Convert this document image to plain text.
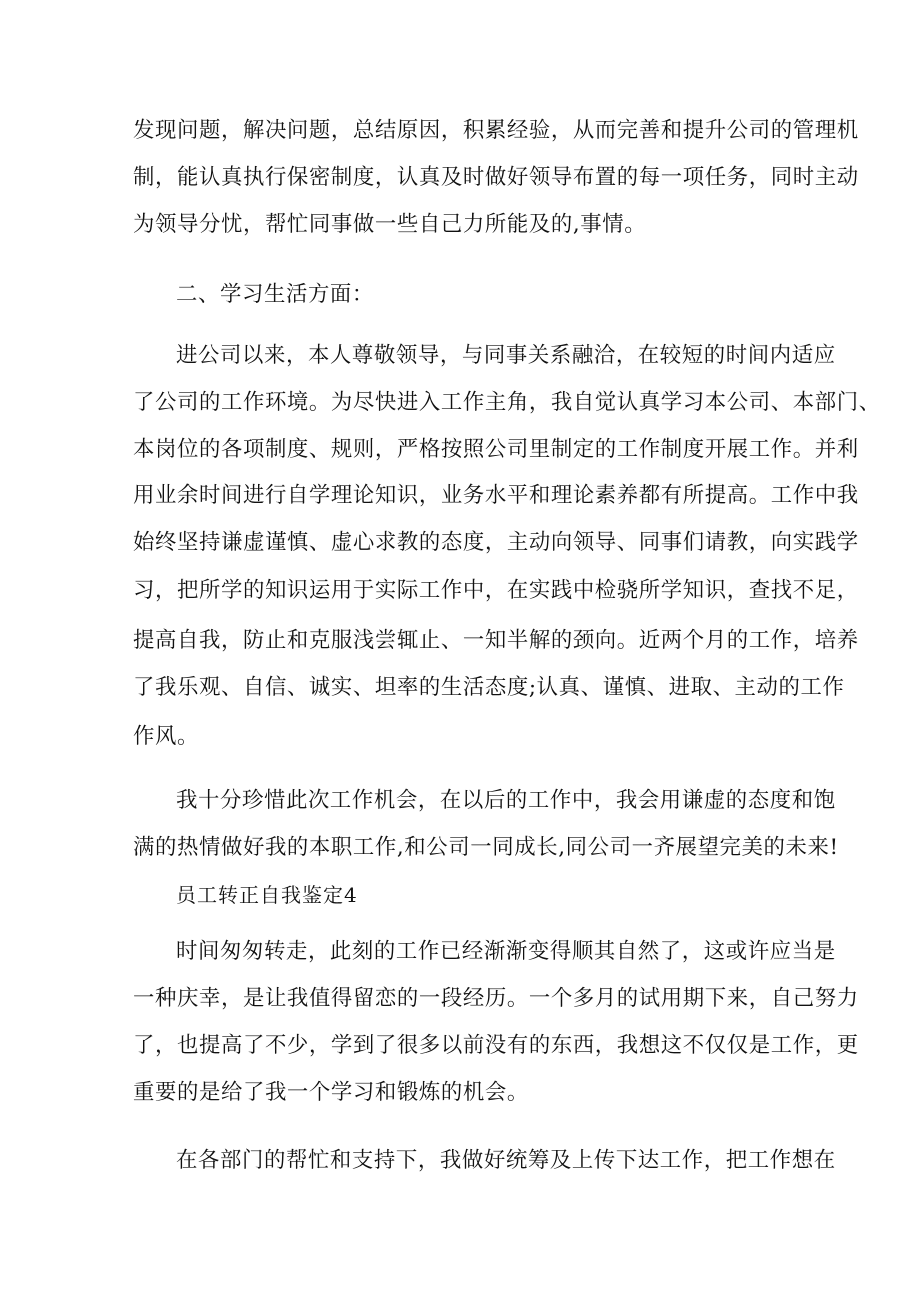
发现问题，解决问题，总结原因，积累经验，从而完善和提升公司的管理机

制，能认真执行保密制度，认真及时做好领导布置的每一项任务，同时主动

为领导分忧，帮忙同事做一些自己力所能及的,事情。

二、学习生活方面：

进公司以来，本人尊敬领导，与同事关系融洽，在较短的时间内适应

了公司的工作环境。为尽快进入工作主角，我自觉认真学习本公司、本部门、

本岗位的各项制度、规则，严格按照公司里制定的工作制度开展工作。并利

用业余时间进行自学理论知识，业务水平和理论素养都有所提高。工作中我

始终坚持谦虚谨慎、虚心求教的态度，主动向领导、同事们请教，向实践学

习，把所学的知识运用于实际工作中，在实践中检骁所学知识，查找不足，

提高自我，防止和克服浅尝辄止、一知半解的颈向。近两个月的工作，培养

了我乐观、自信、诚实、坦率的生活态度;认真、谨慎、进取、主动的工作

作风。

我十分珍惜此次工作机会，在以后的工作中，我会用谦虚的态度和饱

满的热情做好我的本职工作,和公司一同成长,同公司一齐展望完美的未来!

员工转正自我鉴定4

时间匆匆转走，此刻的工作已经渐渐变得顺其自然了，这或许应当是

一种庆幸，是让我值得留恋的一段经历。一个多月的试用期下来，自己努力

了，也提高了不少，学到了很多以前没有的东西，我想这不仅仅是工作，更

重要的是给了我一个学习和锻炼的机会。

在各部门的帮忙和支持下，我做好统筹及上传下达工作，把工作想在
